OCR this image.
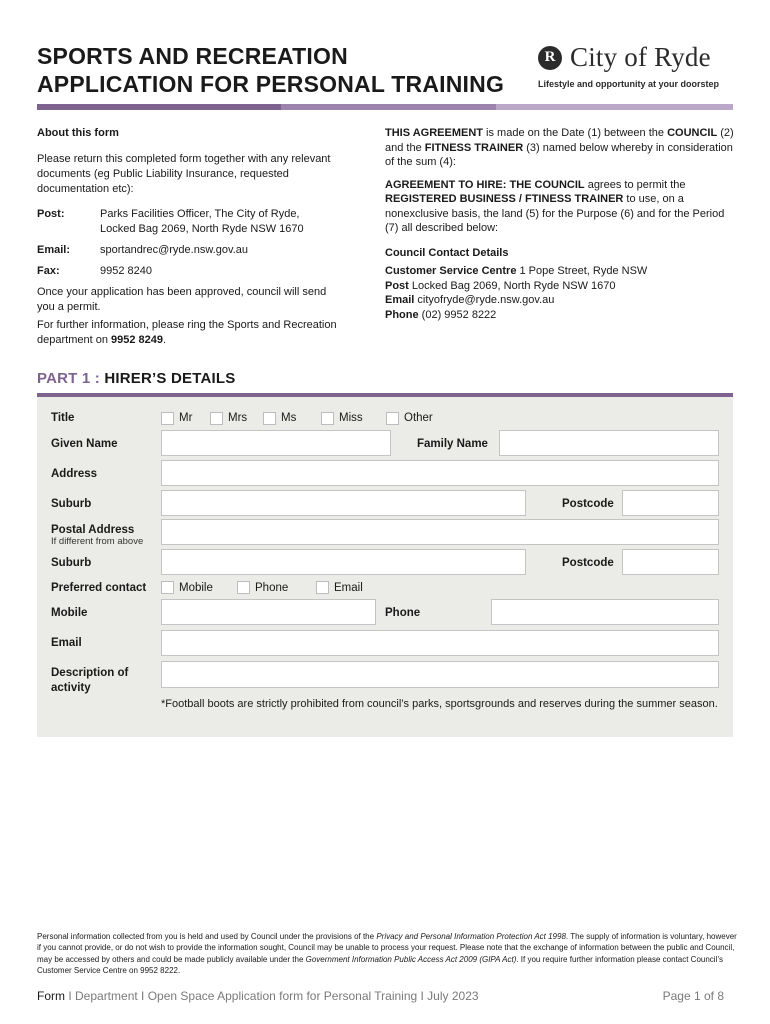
SPORTS AND RECREATION
APPLICATION FOR PERSONAL TRAINING
R City of Ryde
Lifestyle and opportunity at your doorstep
About this form
Please return this completed form together with any relevant documents (eg Public Liability Insurance, requested documentation etc):
Post:	Parks Facilities Officer, The City of Ryde,
Locked Bag 2069, North Ryde NSW 1670
Email:	sportandrec@ryde.nsw.gov.au
Fax:	9952 8240
Once your application has been approved, council will send you a permit.
For further information, please ring the Sports and Recreation department on 9952 8249.
THIS AGREEMENT is made on the Date (1) between the COUNCIL (2) and the FITNESS TRAINER (3) named below whereby in consideration of the sum (4):
AGREEMENT TO HIRE: THE COUNCIL agrees to permit the REGISTERED BUSINESS / FTINESS TRAINER to use, on a nonexclusive basis, the land (5) for the Purpose (6) and for the Period (7) all described below:
Council Contact Details
Customer Service Centre 1 Pope Street, Ryde NSW
Post Locked Bag 2069, North Ryde NSW 1670
Email cityofryde@ryde.nsw.gov.au
Phone (02) 9952 8222
PART 1 : HIRER’S DETAILS
Title	Mr	Mrs	Ms	Miss	Other
Given Name	Family Name
Address
Suburb	Postcode
Postal Address
If different from above
Suburb	Postcode
Preferred contact	Mobile	Phone	Email
Mobile	Phone
Email
Description of
activity
*Football boots are strictly prohibited from council’s parks, sportsgrounds and reserves during the summer season.
Personal information collected from you is held and used by Council under the provisions of the Privacy and Personal Information Protection Act 1998. The supply of information is voluntary, however if you cannot provide, or do not wish to provide the information sought, Council may be unable to process your request. Please note that the exchange of information between the public and Council, may be accessed by others and could be made publicly available under the Government Information Public Access Act 2009 (GIPA Act). If you require further information please contact Council’s Customer Service Centre on 9952 8222.
Form I Department I Open Space Application form for Personal Training I July 2023	Page 1 of 8
